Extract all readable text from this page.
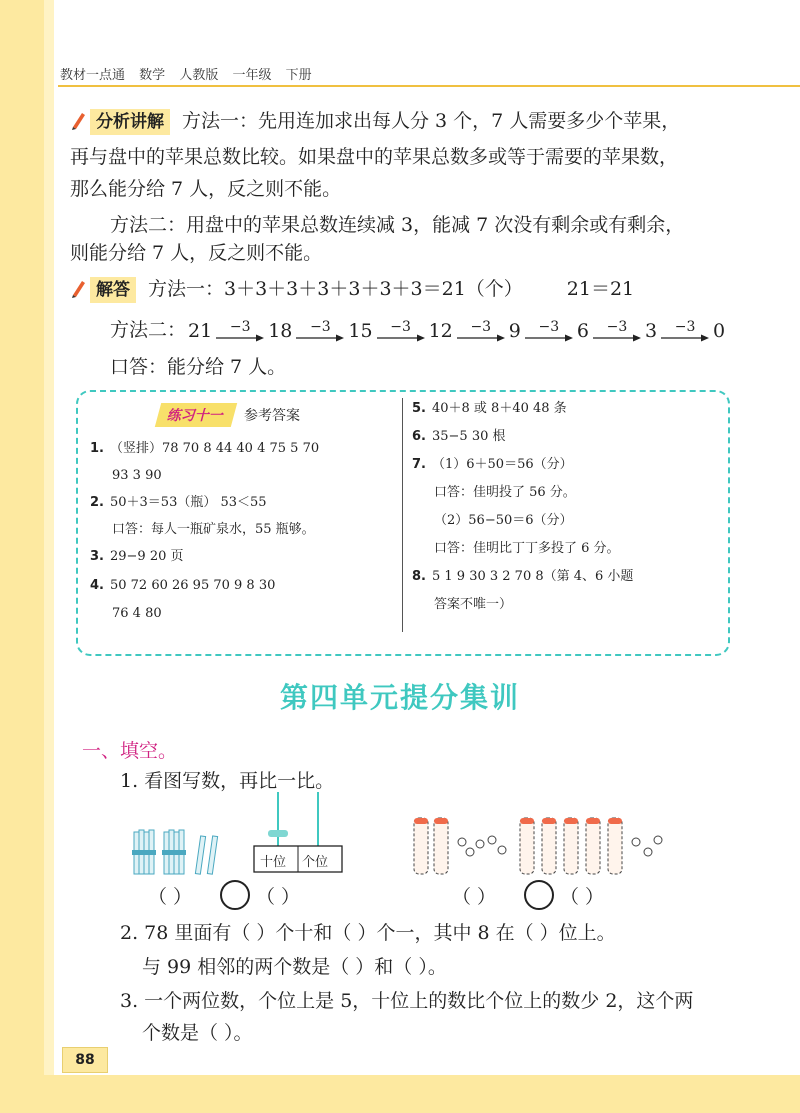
教材一点通 数学 人教版 一年级 下册
分析讲解 方法一：先用连加求出每人分 3 个，7 人需要多少个苹果，
再与盘中的苹果总数比较。如果盘中的苹果总数多或等于需要的苹果数，
那么能分给 7 人，反之则不能。
方法二：用盘中的苹果总数连续减 3，能减 7 次没有剩余或有剩余，
则能分给 7 人，反之则不能。
解答 方法一：3＋3＋3＋3＋3＋3＋3＝21（个） 21＝21
方法二： 21 −3 18 −3 15 −3 12 −3 9 −3 6 −3 3 −3 0
口答：能分给 7 人。
练习十一 参考答案
1. （竖排）78 70 8 44 40 4 75 5 70
93 3 90
2. 50＋3＝53（瓶） 53＜55
口答：每人一瓶矿泉水，55 瓶够。
3. 29−9 20 页
4. 50 72 60 26 95 70 9 8 30
76 4 80
5. 40＋8 或 8＋40 48 条
6. 35−5 30 根
7. （1）6＋50＝56（分）
口答：佳明投了 56 分。
（2）56−50＝6（分）
口答：佳明比丁丁多投了 6 分。
8. 5 1 9 30 3 2 70 8（第 4、6 小题
答案不唯一）
第四单元提分集训
一、填空。
1. 看图写数，再比一比。
十位 个位
（ ）	（ ）	（ ）	（ ）
2. 78 里面有（ ）个十和（ ）个一，其中 8 在（ ）位上。
与 99 相邻的两个数是（ ）和（ ）。
3. 一个两位数，个位上是 5，十位上的数比个位上的数少 2，这个两
个数是（ ）。
88
